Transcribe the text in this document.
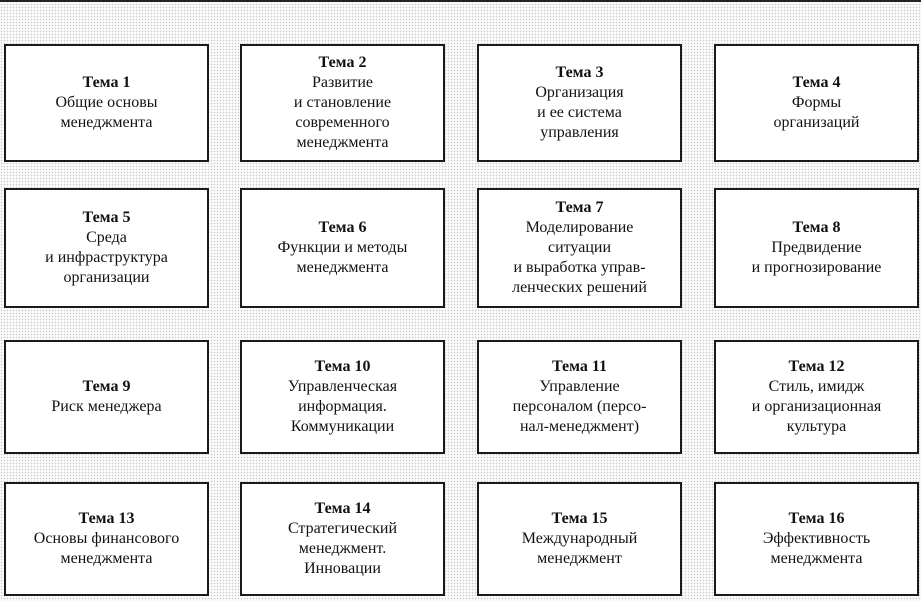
Тема 1
Общие основы
менеджмента
Тема 2
Развитие
и становление
современного
менеджмента
Тема 3
Организация
и ее система
управления
Тема 4
Формы
организаций
Тема 5
Среда
и инфраструктура
организации
Тема 6
Функции и методы
менеджмента
Тема 7
Моделирование
ситуации
и выработка управ-
ленческих решений
Тема 8
Предвидение
и прогнозирование
Тема 9
Риск менеджера
Тема 10
Управленческая
информация.
Коммуникации
Тема 11
Управление
персоналом (персо-
нал-менеджмент)
Тема 12
Стиль, имидж
и организационная
культура
Тема 13
Основы финансового
менеджмента
Тема 14
Стратегический
менеджмент.
Инновации
Тема 15
Международный
менеджмент
Тема 16
Эффективность
менеджмента
